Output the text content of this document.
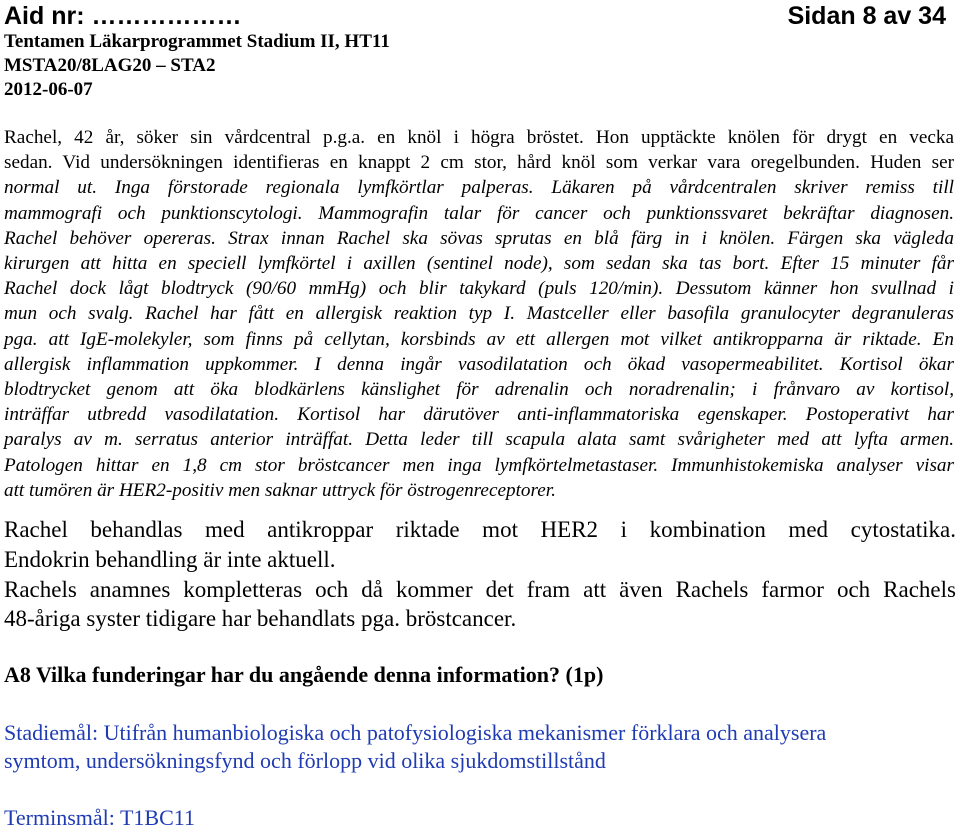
Aid nr: ………………	Sidan 8 av 34
Tentamen Läkarprogrammet Stadium II, HT11
MSTA20/8LAG20 – STA2
2012-06-07
Rachel, 42 år, söker sin vårdcentral p.g.a. en knöl i högra bröstet. Hon upptäckte knölen för drygt en vecka
sedan. Vid undersökningen identifieras en knappt 2 cm stor, hård knöl som verkar vara oregelbunden. Huden ser
normal ut. Inga förstorade regionala lymfkörtlar palperas. Läkaren på vårdcentralen skriver remiss till
mammografi och punktionscytologi. Mammografin talar för cancer och punktionssvaret bekräftar diagnosen.
Rachel behöver opereras. Strax innan Rachel ska sövas sprutas en blå färg in i knölen. Färgen ska vägleda
kirurgen att hitta en speciell lymfkörtel i axillen (sentinel node), som sedan ska tas bort. Efter 15 minuter får
Rachel dock lågt blodtryck (90/60 mmHg) och blir takykard (puls 120/min). Dessutom känner hon svullnad i
mun och svalg. Rachel har fått en allergisk reaktion typ I. Mastceller eller basofila granulocyter degranuleras
pga. att IgE-molekyler, som finns på cellytan, korsbinds av ett allergen mot vilket antikropparna är riktade. En
allergisk inflammation uppkommer. I denna ingår vasodilatation och ökad vasopermeabilitet. Kortisol ökar
blodtrycket genom att öka blodkärlens känslighet för adrenalin och noradrenalin; i frånvaro av kortisol,
inträffar utbredd vasodilatation. Kortisol har därutöver anti-inflammatoriska egenskaper. Postoperativt har
paralys av m. serratus anterior inträffat. Detta leder till scapula alata samt svårigheter med att lyfta armen.
Patologen hittar en 1,8 cm stor bröstcancer men inga lymfkörtelmetastaser. Immunhistokemiska analyser visar
att tumören är HER2-positiv men saknar uttryck för östrogenreceptorer.
Rachel behandlas med antikroppar riktade mot HER2 i kombination med cytostatika.
Endokrin behandling är inte aktuell.
Rachels anamnes kompletteras och då kommer det fram att även Rachels farmor och Rachels
48-åriga syster tidigare har behandlats pga. bröstcancer.
A8 Vilka funderingar har du angående denna information? (1p)
Stadiemål: Utifrån humanbiologiska och patofysiologiska mekanismer förklara och analysera
symtom, undersökningsfynd och förlopp vid olika sjukdomstillstånd
Terminsmål: T1BC11
